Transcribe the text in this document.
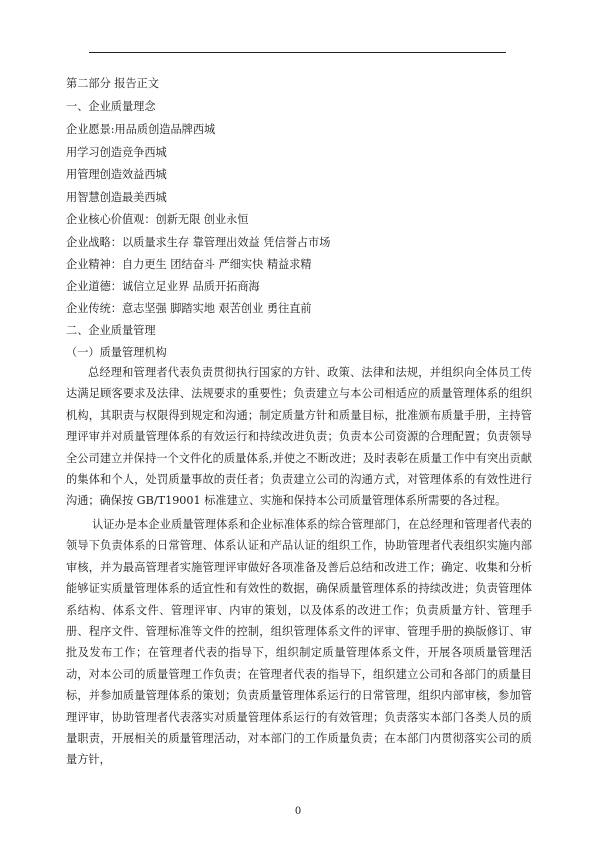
第二部分 报告正文
一、企业质量理念
企业愿景:用品质创造品牌西城
用学习创造竞争西城
用管理创造效益西城
用智慧创造最美西城
企业核心价值观：创新无限 创业永恒
企业战略：以质量求生存 靠管理出效益 凭信誉占市场
企业精神：自力更生 团结奋斗 严细实快 精益求精
企业道德：诚信立足业界 品质开拓商海
企业传统：意志坚强 脚踏实地 艰苦创业 勇往直前
二、企业质量管理
（一）质量管理机构
总经理和管理者代表负责贯彻执行国家的方针、政策、法律和法规，并组织向全体员工传达满足顾客要求及法律、法规要求的重要性；负责建立与本公司相适应的质量管理体系的组织机构，其职责与权限得到规定和沟通；制定质量方针和质量目标，批准颁布质量手册，主持管理评审并对质量管理体系的有效运行和持续改进负责；负责本公司资源的合理配置；负责领导全公司建立并保持一个文件化的质量体系,并使之不断改进；及时表彰在质量工作中有突出贡献的集体和个人，处罚质量事故的责任者；负责建立公司的沟通方式，对管理体系的有效性进行沟通；确保按 GB/T19001 标准建立、实施和保持本公司质量管理体系所需要的各过程。
认证办是本企业质量管理体系和企业标准体系的综合管理部门，在总经理和管理者代表的领导下负责体系的日常管理、体系认证和产品认证的组织工作，协助管理者代表组织实施内部审核，并为最高管理者实施管理评审做好各项准备及善后总结和改进工作；确定、收集和分析能够证实质量管理体系的适宜性和有效性的数据，确保质量管理体系的持续改进；负责管理体系结构、体系文件、管理评审、内审的策划，以及体系的改进工作；负责质量方针、管理手册、程序文件、管理标准等文件的控制，组织管理体系文件的评审、管理手册的换版修订、审批及发布工作；在管理者代表的指导下，组织制定质量管理体系文件，开展各项质量管理活动，对本公司的质量管理工作负责；在管理者代表的指导下，组织建立公司和各部门的质量目标，并参加质量管理体系的策划；负责质量管理体系运行的日常管理，组织内部审核，参加管理评审，协助管理者代表落实对质量管理体系运行的有效管理；负责落实本部门各类人员的质量职责，开展相关的质量管理活动，对本部门的工作质量负责；在本部门内贯彻落实公司的质量方针，
0
